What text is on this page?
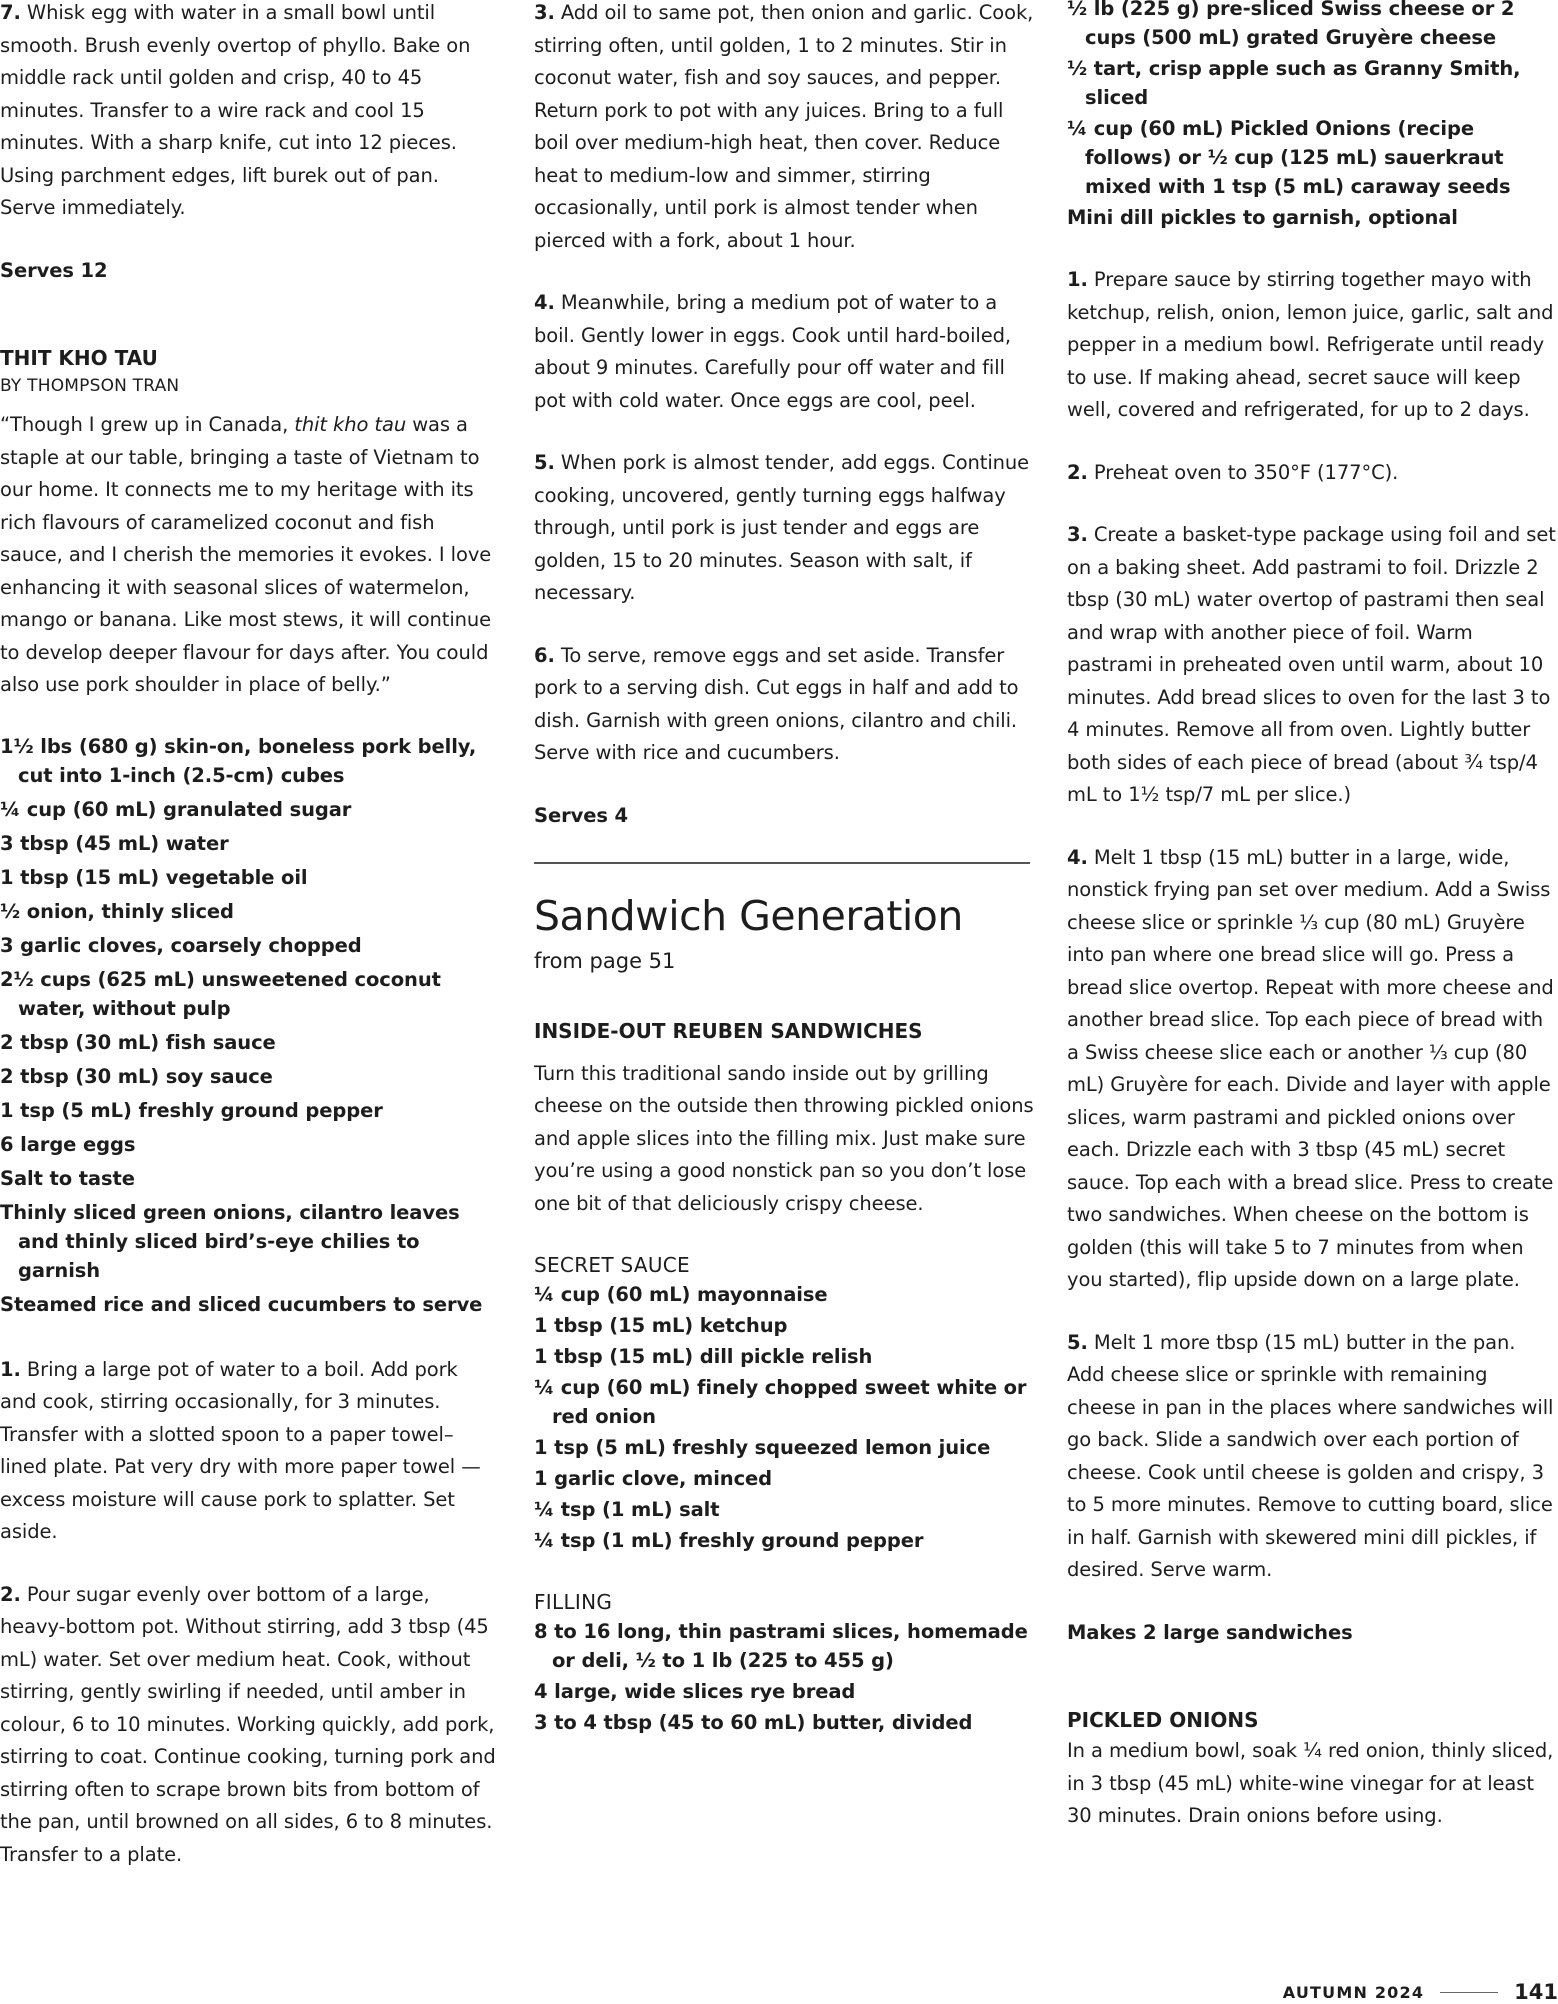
7. Whisk egg with water in a small bowl until smooth. Brush evenly overtop of phyllo. Bake on middle rack until golden and crisp, 40 to 45 minutes. Transfer to a wire rack and cool 15 minutes. With a sharp knife, cut into 12 pieces. Using parchment edges, lift burek out of pan. Serve immediately.

Serves 12

THIT KHO TAU
BY THOMPSON TRAN

“Though I grew up in Canada, thit kho tau was a staple at our table, bringing a taste of Vietnam to our home. It connects me to my heritage with its rich flavours of caramelized coconut and fish sauce, and I cherish the memories it evokes. I love enhancing it with seasonal slices of watermelon, mango or banana. Like most stews, it will continue to develop deeper flavour for days after. You could also use pork shoulder in place of belly.”

1½ lbs (680 g) skin-on, boneless pork belly, cut into 1-inch (2.5-cm) cubes
¼ cup (60 mL) granulated sugar
3 tbsp (45 mL) water
1 tbsp (15 mL) vegetable oil
½ onion, thinly sliced
3 garlic cloves, coarsely chopped
2½ cups (625 mL) unsweetened coconut water, without pulp
2 tbsp (30 mL) fish sauce
2 tbsp (30 mL) soy sauce
1 tsp (5 mL) freshly ground pepper
6 large eggs
Salt to taste
Thinly sliced green onions, cilantro leaves and thinly sliced bird’s-eye chilies to garnish
Steamed rice and sliced cucumbers to serve

1. Bring a large pot of water to a boil. Add pork and cook, stirring occasionally, for 3 minutes. Transfer with a slotted spoon to a paper towel–lined plate. Pat very dry with more paper towel — excess moisture will cause pork to splatter. Set aside.

2. Pour sugar evenly over bottom of a large, heavy-bottom pot. Without stirring, add 3 tbsp (45 mL) water. Set over medium heat. Cook, without stirring, gently swirling if needed, until amber in colour, 6 to 10 minutes. Working quickly, add pork, stirring to coat. Continue cooking, turning pork and stirring often to scrape brown bits from bottom of the pan, until browned on all sides, 6 to 8 minutes. Transfer to a plate.

3. Add oil to same pot, then onion and garlic. Cook, stirring often, until golden, 1 to 2 minutes. Stir in coconut water, fish and soy sauces, and pepper. Return pork to pot with any juices. Bring to a full boil over medium-high heat, then cover. Reduce heat to medium-low and simmer, stirring occasionally, until pork is almost tender when pierced with a fork, about 1 hour.

4. Meanwhile, bring a medium pot of water to a boil. Gently lower in eggs. Cook until hard-boiled, about 9 minutes. Carefully pour off water and fill pot with cold water. Once eggs are cool, peel.

5. When pork is almost tender, add eggs. Continue cooking, uncovered, gently turning eggs halfway through, until pork is just tender and eggs are golden, 15 to 20 minutes. Season with salt, if necessary.

6. To serve, remove eggs and set aside. Transfer pork to a serving dish. Cut eggs in half and add to dish. Garnish with green onions, cilantro and chili. Serve with rice and cucumbers.

Serves 4

Sandwich Generation
from page 51
INSIDE-OUT REUBEN SANDWICHES

Turn this traditional sando inside out by grilling cheese on the outside then throwing pickled onions and apple slices into the filling mix. Just make sure you’re using a good nonstick pan so you don’t lose one bit of that deliciously crispy cheese.

SECRET SAUCE
¼ cup (60 mL) mayonnaise
1 tbsp (15 mL) ketchup
1 tbsp (15 mL) dill pickle relish
¼ cup (60 mL) finely chopped sweet white or red onion
1 tsp (5 mL) freshly squeezed lemon juice
1 garlic clove, minced
¼ tsp (1 mL) salt
¼ tsp (1 mL) freshly ground pepper
FILLING
8 to 16 long, thin pastrami slices, homemade or deli, ½ to 1 lb (225 to 455 g)
4 large, wide slices rye bread
3 to 4 tbsp (45 to 60 mL) butter, divided
½ lb (225 g) pre-sliced Swiss cheese or 2 cups (500 mL) grated Gruyère cheese
½ tart, crisp apple such as Granny Smith, sliced
¼ cup (60 mL) Pickled Onions (recipe follows) or ½ cup (125 mL) sauerkraut mixed with 1 tsp (5 mL) caraway seeds
Mini dill pickles to garnish, optional

1. Prepare sauce by stirring together mayo with ketchup, relish, onion, lemon juice, garlic, salt and pepper in a medium bowl. Refrigerate until ready to use. If making ahead, secret sauce will keep well, covered and refrigerated, for up to 2 days.

2. Preheat oven to 350°F (177°C).

3. Create a basket-type package using foil and set on a baking sheet. Add pastrami to foil. Drizzle 2 tbsp (30 mL) water overtop of pastrami then seal and wrap with another piece of foil. Warm pastrami in preheated oven until warm, about 10 minutes. Add bread slices to oven for the last 3 to 4 minutes. Remove all from oven. Lightly butter both sides of each piece of bread (about ¾ tsp/4 mL to 1½ tsp/7 mL per slice.)

4. Melt 1 tbsp (15 mL) butter in a large, wide, nonstick frying pan set over medium. Add a Swiss cheese slice or sprinkle ⅓ cup (80 mL) Gruyère into pan where one bread slice will go. Press a bread slice overtop. Repeat with more cheese and another bread slice. Top each piece of bread with a Swiss cheese slice each or another ⅓ cup (80 mL) Gruyère for each. Divide and layer with apple slices, warm pastrami and pickled onions over each. Drizzle each with 3 tbsp (45 mL) secret sauce. Top each with a bread slice. Press to create two sandwiches. When cheese on the bottom is golden (this will take 5 to 7 minutes from when you started), flip upside down on a large plate.

5. Melt 1 more tbsp (15 mL) butter in the pan. Add cheese slice or sprinkle with remaining cheese in pan in the places where sandwiches will go back. Slide a sandwich over each portion of cheese. Cook until cheese is golden and crispy, 3 to 5 more minutes. Remove to cutting board, slice in half. Garnish with skewered mini dill pickles, if desired. Serve warm.

Makes 2 large sandwiches

PICKLED ONIONS

In a medium bowl, soak ¼ red onion, thinly sliced, in 3 tbsp (45 mL) white-wine vinegar for at least 30 minutes. Drain onions before using.

AUTUMN 2024	141
